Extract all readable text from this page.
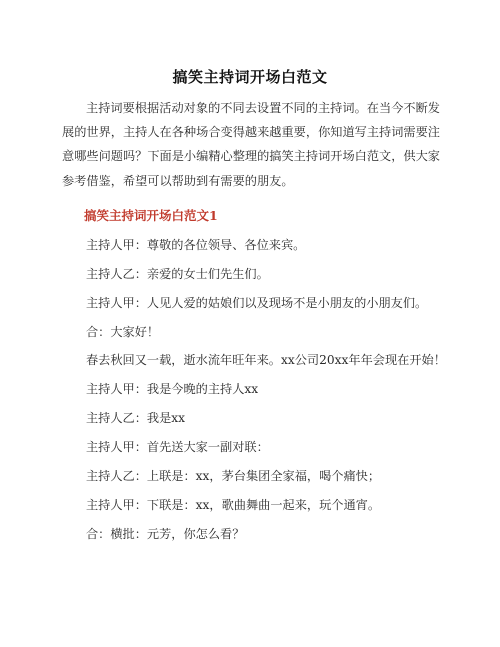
搞笑主持词开场白范文

主持词要根据活动对象的不同去设置不同的主持词。在当今不断发展的世界，主持人在各种场合变得越来越重要，你知道写主持词需要注意哪些问题吗？下面是小编精心整理的搞笑主持词开场白范文，供大家参考借鉴，希望可以帮助到有需要的朋友。

搞笑主持词开场白范文1
主持人甲：尊敬的各位领导、各位来宾。
主持人乙：亲爱的女士们先生们。
主持人甲：人见人爱的姑娘们以及现场不是小朋友的小朋友们。
合：大家好！
春去秋回又一载，逝水流年旺年来。xx公司20xx年年会现在开始！
主持人甲：我是今晚的主持人xx
主持人乙：我是xx
主持人甲：首先送大家一副对联：
主持人乙：上联是：xx，茅台集团全家福，喝个痛快；
主持人甲：下联是：xx，歌曲舞曲一起来，玩个通宵。
合：横批：元芳，你怎么看？
